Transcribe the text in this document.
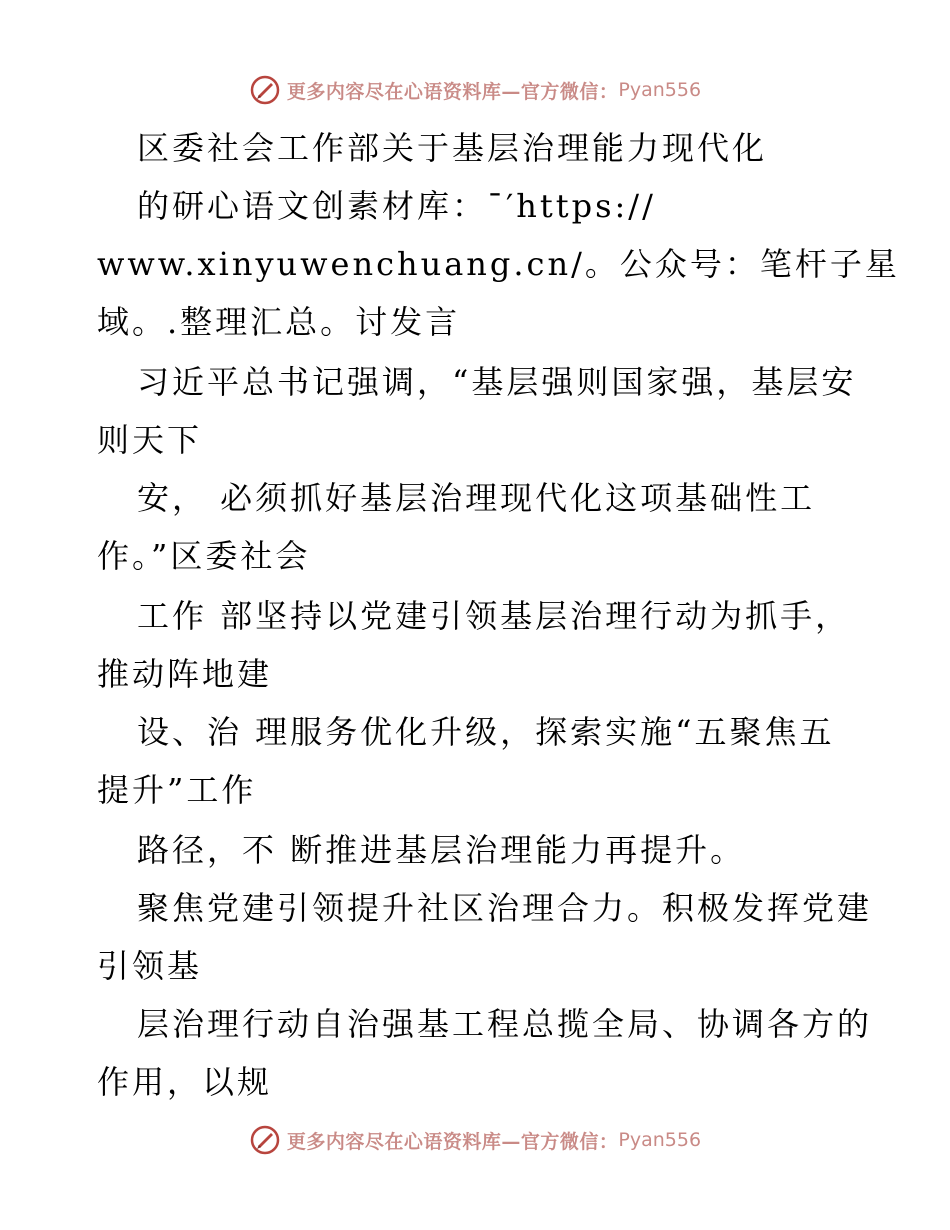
更多内容尽在心语资料库—官方微信： Pyan556
区委社会工作部关于基层治理能力现代化
的研心语文创素材库：¯′https://
www.xinyuwenchuang.cn/。公众号：笔杆子星
域。.整理汇总。讨发言
习近平总书记强调，“基层强则国家强，基层安
则天下
安， 必须抓好基层治理现代化这项基础性工
作。”区委社会
工作 部坚持以党建引领基层治理行动为抓手，
推动阵地建
设、治 理服务优化升级，探索实施“五聚焦五
提升”工作
路径，不 断推进基层治理能力再提升。
聚焦党建引领提升社区治理合力。积极发挥党建
引领基
层治理行动自治强基工程总揽全局、协调各方的
作用，以规
更多内容尽在心语资料库—官方微信： Pyan556
